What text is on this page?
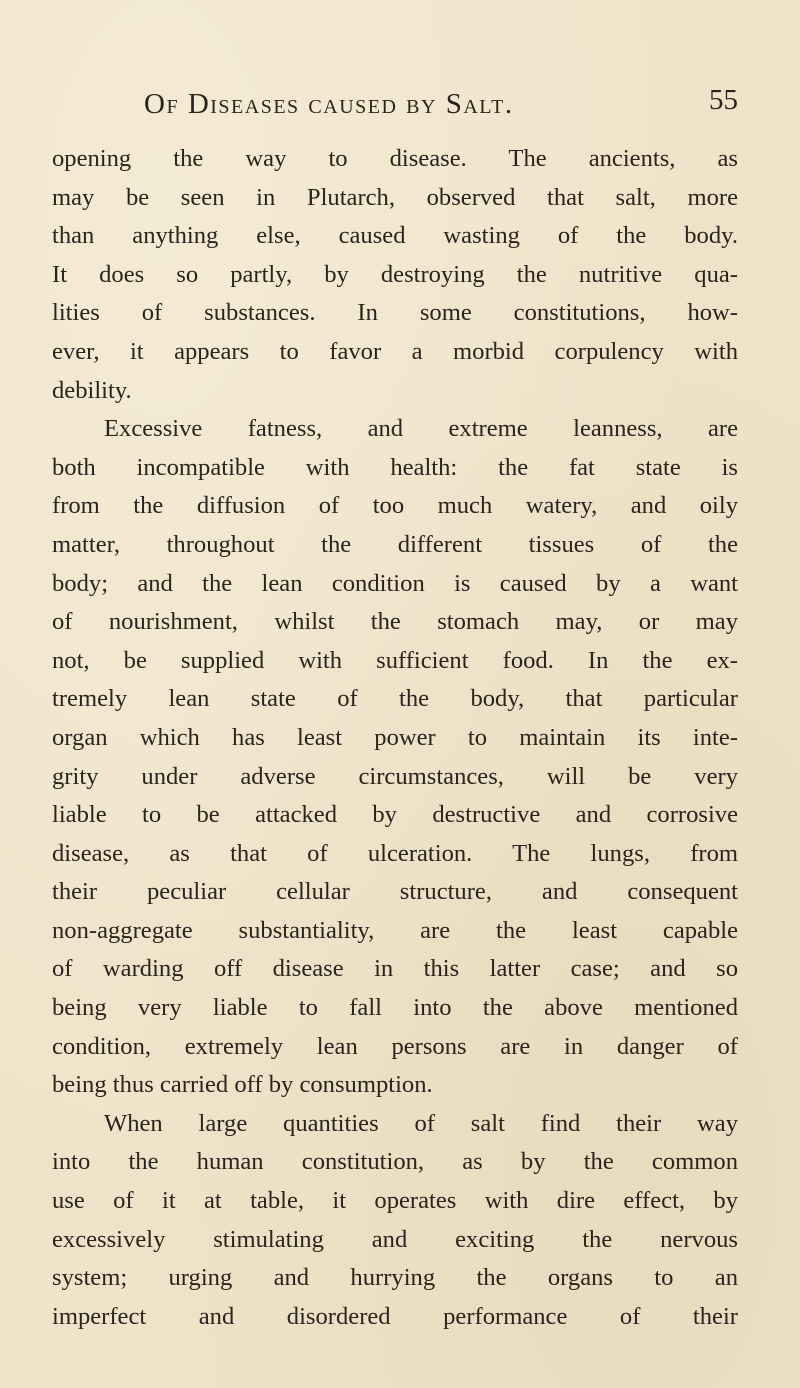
Of Diseases caused by Salt.	55
opening the way to disease. The ancients, as
may be seen in Plutarch, observed that salt, more
than anything else, caused wasting of the body.
It does so partly, by destroying the nutritive qua-
lities of substances. In some constitutions, how-
ever, it appears to favor a morbid corpulency with
debility.
Excessive fatness, and extreme leanness, are
both incompatible with health: the fat state is
from the diffusion of too much watery, and oily
matter, throughout the different tissues of the
body; and the lean condition is caused by a want
of nourishment, whilst the stomach may, or may
not, be supplied with sufficient food. In the ex-
tremely lean state of the body, that particular
organ which has least power to maintain its inte-
grity under adverse circumstances, will be very
liable to be attacked by destructive and corrosive
disease, as that of ulceration. The lungs, from
their peculiar cellular structure, and consequent
non-aggregate substantiality, are the least capable
of warding off disease in this latter case; and so
being very liable to fall into the above mentioned
condition, extremely lean persons are in danger of
being thus carried off by consumption.
When large quantities of salt find their way
into the human constitution, as by the common
use of it at table, it operates with dire effect, by
excessively stimulating and exciting the nervous
system; urging and hurrying the organs to an
imperfect and disordered performance of their
